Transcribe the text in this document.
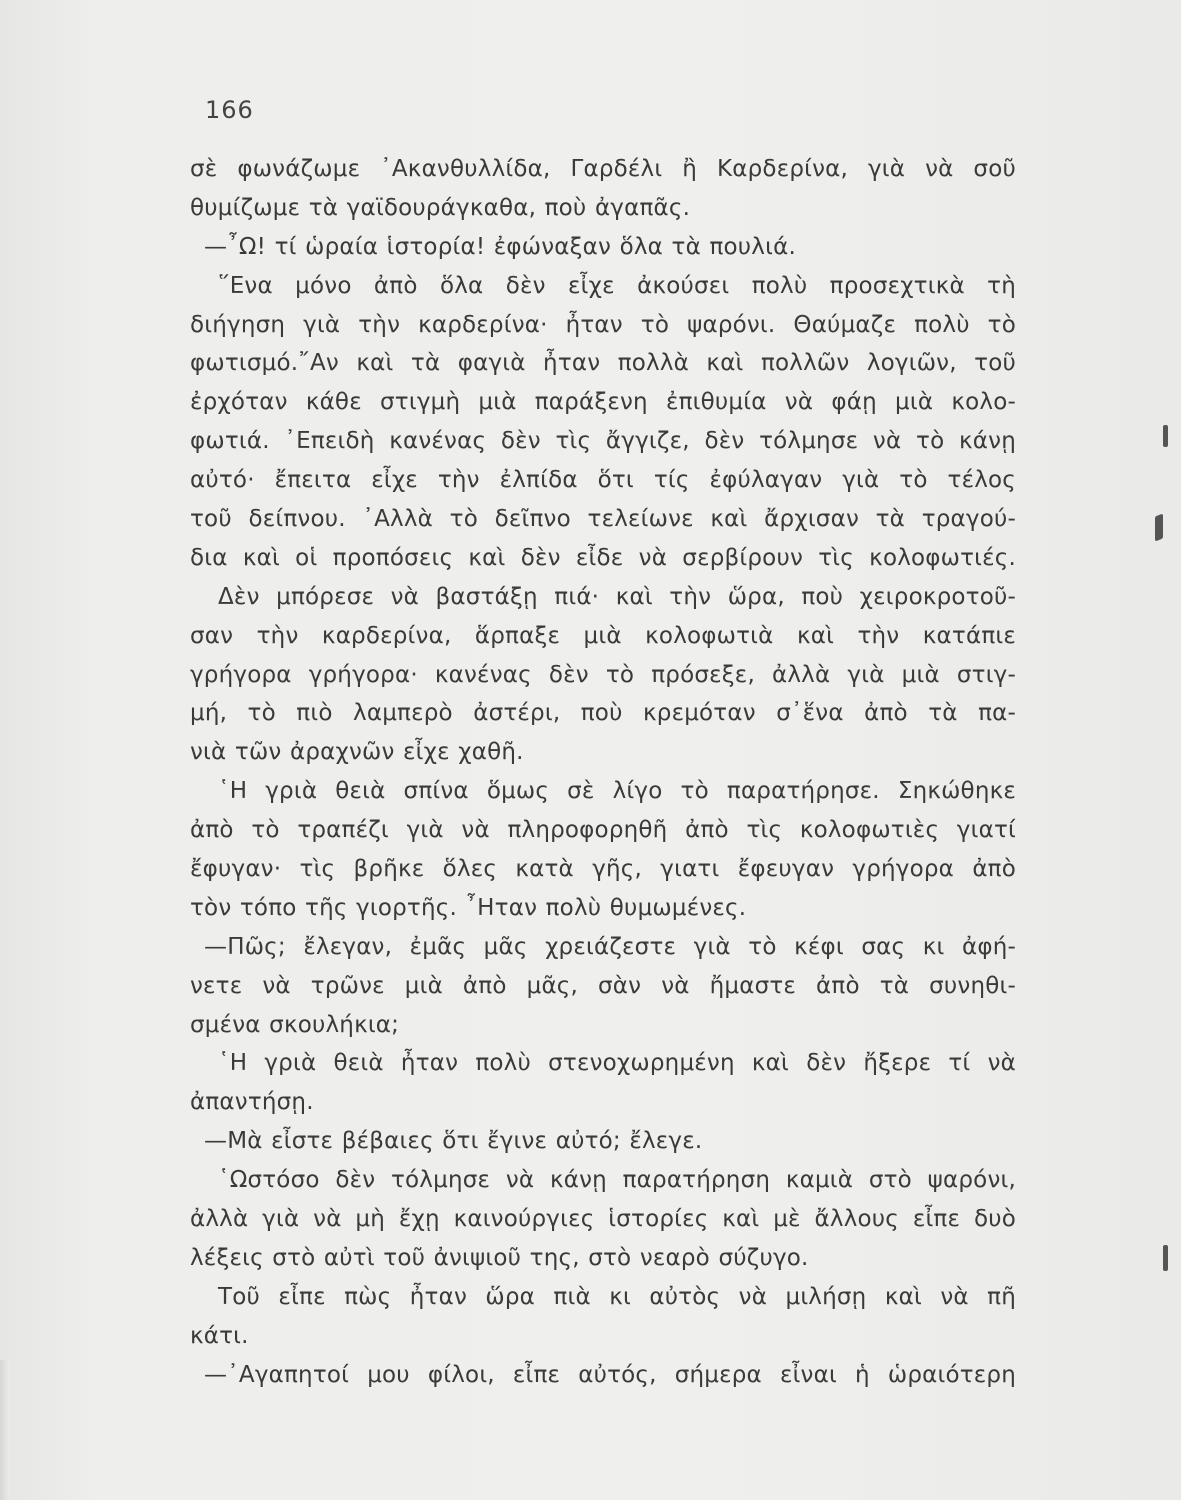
166
σὲ φωνάζωμε ᾿Ακανθυλλίδα, Γαρδέλι ἢ Καρδερίνα, γιὰ νὰ σοῦ
θυμίζωμε τὰ γαϊδουράγκαθα, ποὺ ἀγαπᾶς.
—῏Ω! τί ὡραία ἱστορία! ἐφώναξαν ὅλα τὰ πουλιά.
῞Ενα μόνο ἀπὸ ὅλα δὲν εἶχε ἀκούσει πολὺ προσεχτικὰ τὴ
διήγηση γιὰ τὴν καρδερίνα· ἦταν τὸ ψαρόνι. Θαύμαζε πολὺ τὸ
φωτισμό.῎Αν καὶ τὰ φαγιὰ ἦταν πολλὰ καὶ πολλῶν λογιῶν, τοῦ
ἐρχόταν κάθε στιγμὴ μιὰ παράξενη ἐπιθυμία νὰ φάῃ μιὰ κολο-
φωτιά. ᾿Επειδὴ κανένας δὲν τὶς ἄγγιζε, δὲν τόλμησε νὰ τὸ κάνῃ
αὐτό· ἔπειτα εἶχε τὴν ἐλπίδα ὅτι τίς ἐφύλαγαν γιὰ τὸ τέλος
τοῦ δείπνου. ᾿Αλλὰ τὸ δεῖπνο τελείωνε καὶ ἄρχισαν τὰ τραγού-
δια καὶ οἱ προπόσεις καὶ δὲν εἶδε νὰ σερβίρουν τὶς κολοφωτιές.
Δὲν μπόρεσε νὰ βαστάξῃ πιά· καὶ τὴν ὥρα, ποὺ χειροκροτοῦ-
σαν τὴν καρδερίνα, ἅρπαξε μιὰ κολοφωτιὰ καὶ τὴν κατάπιε
γρήγορα γρήγορα· κανένας δὲν τὸ πρόσεξε, ἀλλὰ γιὰ μιὰ στιγ-
μή, τὸ πιὸ λαμπερὸ ἀστέρι, ποὺ κρεμόταν σ᾿ἕνα ἀπὸ τὰ πα-
νιὰ τῶν ἀραχνῶν εἶχε χαθῆ.
῾Η γριὰ θειὰ σπίνα ὅμως σὲ λίγο τὸ παρατήρησε. Σηκώθηκε
ἀπὸ τὸ τραπέζι γιὰ νὰ πληροφορηθῆ ἀπὸ τὶς κολοφωτιὲς γιατί
ἔφυγαν· τὶς βρῆκε ὅλες κατὰ γῆς, γιατι ἔφευγαν γρήγορα ἀπὸ
τὸν τόπο τῆς γιορτῆς. ῏Ηταν πολὺ θυμωμένες.
—Πῶς; ἔλεγαν, ἐμᾶς μᾶς χρειάζεστε γιὰ τὸ κέφι σας κι ἀφή-
νετε νὰ τρῶνε μιὰ ἀπὸ μᾶς, σὰν νὰ ἤμαστε ἀπὸ τὰ συνηθι-
σμένα σκουλήκια;
῾Η γριὰ θειὰ ἦταν πολὺ στενοχωρημένη καὶ δὲν ἤξερε τί νὰ
ἀπαντήσῃ.
—Μὰ εἶστε βέβαιες ὅτι ἔγινε αὐτό; ἔλεγε.
῾Ωστόσο δὲν τόλμησε νὰ κάνῃ παρατήρηση καμιὰ στὸ ψαρόνι,
ἀλλὰ γιὰ νὰ μὴ ἔχῃ καινούργιες ἱστορίες καὶ μὲ ἄλλους εἶπε δυὸ
λέξεις στὸ αὐτὶ τοῦ ἀνιψιοῦ της, στὸ νεαρὸ σύζυγο.
Τοῦ εἶπε πὼς ἦταν ὥρα πιὰ κι αὐτὸς νὰ μιλήσῃ καὶ νὰ πῆ
κάτι.
—᾿Αγαπητοί μου φίλοι, εἶπε αὐτός, σήμερα εἶναι ἡ ὡραιότερη
